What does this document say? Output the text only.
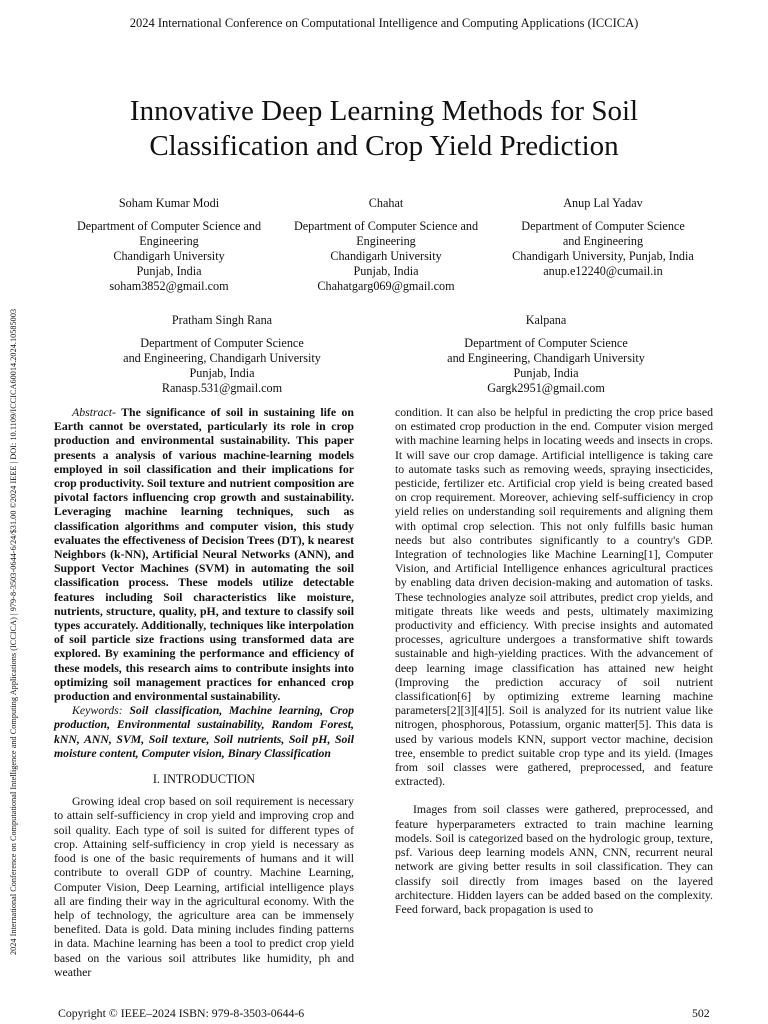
2024 International Conference on Computational Intelligence and Computing Applications (ICCICA)
2024 International Conference on Computational Intelligence and Computing Applications (ICCICA) | 979-8-3503-0644-6/24/$31.00 ©2024 IEEE | DOI: 10.1109/ICCICA60014.2024.10585003
Innovative Deep Learning Methods for Soil
Classification and Crop Yield Prediction
Soham Kumar Modi
Department of Computer Science and
Engineering
Chandigarh University
Punjab, India
soham3852@gmail.com
Chahat
Department of Computer Science and
Engineering
Chandigarh University
Punjab, India
Chahatgarg069@gmail.com
Anup Lal Yadav
Department of Computer Science
and Engineering
Chandigarh University, Punjab, India
anup.e12240@cumail.in
Pratham Singh Rana
Department of Computer Science
and Engineering, Chandigarh University
Punjab, India
Ranasp.531@gmail.com
Kalpana
Department of Computer Science
and Engineering, Chandigarh University
Punjab, India
Gargk2951@gmail.com

Abstract- The significance of soil in sustaining life on Earth cannot be overstated, particularly its role in crop production and environmental sustainability. This paper presents a analysis of various machine-learning models employed in soil classification and their implications for crop productivity. Soil texture and nutrient composition are pivotal factors influencing crop growth and sustainability. Leveraging machine learning techniques, such as classification algorithms and computer vision, this study evaluates the effectiveness of Decision Trees (DT), k nearest Neighbors (k-NN), Artificial Neural Networks (ANN), and Support Vector Machines (SVM) in automating the soil classification process. These models utilize detectable features including Soil characteristics like moisture, nutrients, structure, quality, pH, and texture to classify soil types accurately. Additionally, techniques like interpolation of soil particle size fractions using transformed data are explored. By examining the performance and efficiency of these models, this research aims to contribute insights into optimizing soil management practices for enhanced crop production and environmental sustainability.

Keywords: Soil classification, Machine learning, Crop production, Environmental sustainability, Random Forest, kNN, ANN, SVM, Soil texture, Soil nutrients, Soil pH, Soil moisture content, Computer vision, Binary Classification

I. INTRODUCTION

Growing ideal crop based on soil requirement is necessary to attain self-sufficiency in crop yield and improving crop and soil quality. Each type of soil is suited for different types of crop. Attaining self-sufficiency in crop yield is necessary as food is one of the basic requirements of humans and it will contribute to overall GDP of country. Machine Learning, Computer Vision, Deep Learning, artificial intelligence plays all are finding their way in the agricultural economy. With the help of technology, the agriculture area can be immensely benefited. Data is gold. Data mining includes finding patterns in data. Machine learning has been a tool to predict crop yield based on the various soil attributes like humidity, ph and weather

condition. It can also be helpful in predicting the crop price based on estimated crop production in the end. Computer vision merged with machine learning helps in locating weeds and insects in crops. It will save our crop damage. Artificial intelligence is taking care to automate tasks such as removing weeds, spraying insecticides, pesticide, fertilizer etc. Artificial crop yield is being created based on crop requirement. Moreover, achieving self-sufficiency in crop yield relies on understanding soil requirements and aligning them with optimal crop selection. This not only fulfills basic human needs but also contributes significantly to a country's GDP. Integration of technologies like Machine Learning[1], Computer Vision, and Artificial Intelligence enhances agricultural practices by enabling data driven decision-making and automation of tasks. These technologies analyze soil attributes, predict crop yields, and mitigate threats like weeds and pests, ultimately maximizing productivity and efficiency. With precise insights and automated processes, agriculture undergoes a transformative shift towards sustainable and high-yielding practices. With the advancement of deep learning image classification has attained new height (Improving the prediction accuracy of soil nutrient classification[6] by optimizing extreme learning machine parameters[2][3][4][5]. Soil is analyzed for its nutrient value like nitrogen, phosphorous, Potassium, organic matter[5]. This data is used by various models KNN, support vector machine, decision tree, ensemble to predict suitable crop type and its yield. (Images from soil classes were gathered, preprocessed, and feature extracted).

Images from soil classes were gathered, preprocessed, and feature hyperparameters extracted to train machine learning models. Soil is categorized based on the hydrologic group, texture, psf. Various deep learning models ANN, CNN, recurrent neural network are giving better results in soil classification. They can classify soil directly from images based on the layered architecture. Hidden layers can be added based on the complexity. Feed forward, back propagation is used to

Copyright © IEEE–2024 ISBN: 979-8-3503-0644-6	502
